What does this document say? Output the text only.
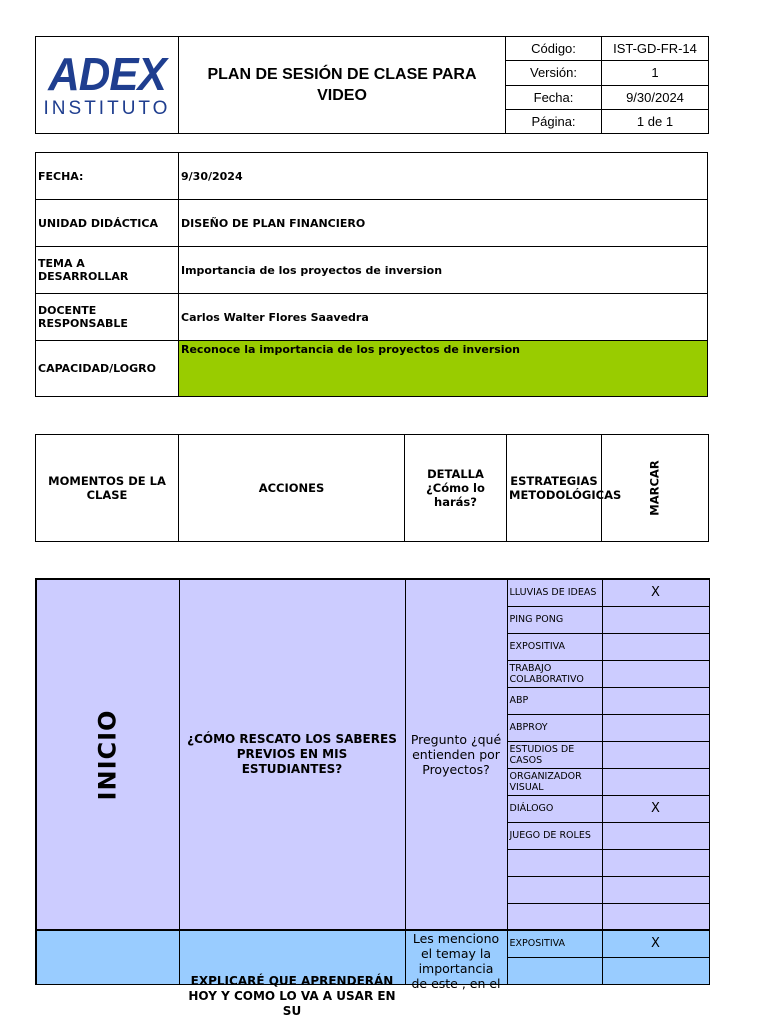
ADEX
INSTITUTO	PLAN DE SESIÓN DE CLASE PARA VIDEO	Código:	IST-GD-FR-14
		Versión:	1
		Fecha:	9/30/2024
		Página:	1 de 1
FECHA:	9/30/2024
UNIDAD DIDÁCTICA	DISEÑO DE PLAN FINANCIERO
TEMA A DESARROLLAR	Importancia de los proyectos de inversion
DOCENTE RESPONSABLE	Carlos Walter Flores Saavedra
CAPACIDAD/LOGRO	Reconoce la importancia de los proyectos de inversion
MOMENTOS DE LA CLASE	ACCIONES	DETALLA ¿Cómo lo harás?	ESTRATEGIAS METODOLÓGICAS	MARCAR
INICIO	¿CÓMO RESCATO LOS SABERES PREVIOS EN MIS ESTUDIANTES?	Pregunto ¿qué entienden por Proyectos?	LLUVIAS DE IDEAS	X
			PING PONG	
			EXPOSITIVA	
			TRABAJO COLABORATIVO	
			ABP	
			ABPROY	
			ESTUDIOS DE CASOS	
			ORGANIZADOR VISUAL	
			DIÁLOGO	X
			JUEGO DE ROLES	

	EXPLICARÉ QUE APRENDERÁN HOY Y COMO LO VA A USAR EN SU	Les menciono el temay la importancia de este , en el	EXPOSITIVA	X
